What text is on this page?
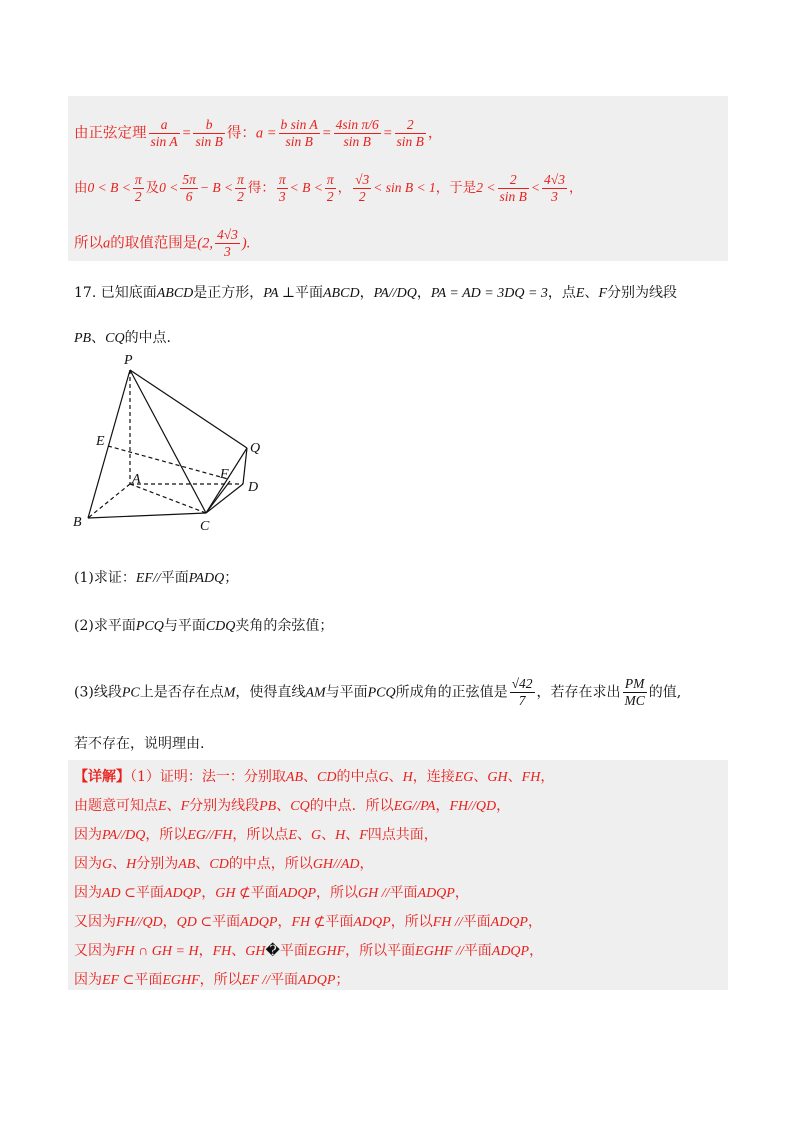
由正弦定理 $\frac{a}{\text{sin A}} = \frac{b}{\text{sin B}}$ 得：$a = \frac{\text{b sin A}}{\text{sin B}} = \frac{\text{4sin π/6}}{\text{sin B}} = \frac{2}{\text{sin B}}$ ，
由$0 < B < \frac{\pi}{2}$ 及$0 < \frac{5\pi}{6} - B < \frac{\pi}{2}$ 得： $\frac{\pi}{3} < B < \frac{\pi}{2}$ ， $\frac{√3}{2} < \sin B < 1$，于是$2 < \frac{2}{\text{sin B}} < \frac{4√3}{3}$ ，
所以a的取值范围是(2, $\frac{4√3}{3}$ ).
17. 已知底面ABCD是正方形，PA ⊥平面ABCD，PA//DQ，PA = AD = 3DQ = 3，点E、F分别为线段
PB、CQ的中点.
P
E	Q
A	F
D
B	C
(1)求证：EF//平面PADQ；
(2)求平面PCQ与平面CDQ夹角的余弦值；
(3)线段PC上是否存在点M，使得直线AM与平面PCQ所成角的正弦值是 $\frac{√42}{7}$ ，若存在求出 $\frac{PM}{MC}$ 的值,
若不存在，说明理由.
【详解】（1）证明：法一：分别取AB、CD的中点G、H，连接EG、GH、FH，
由题意可知点E、F分别为线段PB、CQ的中点．所以EG//PA，FH//QD，
因为PA//DQ，所以EG//FH，所以点E、G、H、F四点共面，
因为G、H分别为AB、CD的中点，所以GH//AD，
因为AD ⊂平面ADQP，GH ⊄平面ADQP，所以GH //平面ADQP，
又因为FH//QD，QD ⊂平面ADQP，FH ⊄平面ADQP，所以FH //平面ADQP，
又因为FH ∩ GH = H，FH、GH�平面EGHF，所以平面EGHF //平面ADQP，
因为EF ⊂平面EGHF，所以EF //平面ADQP；
